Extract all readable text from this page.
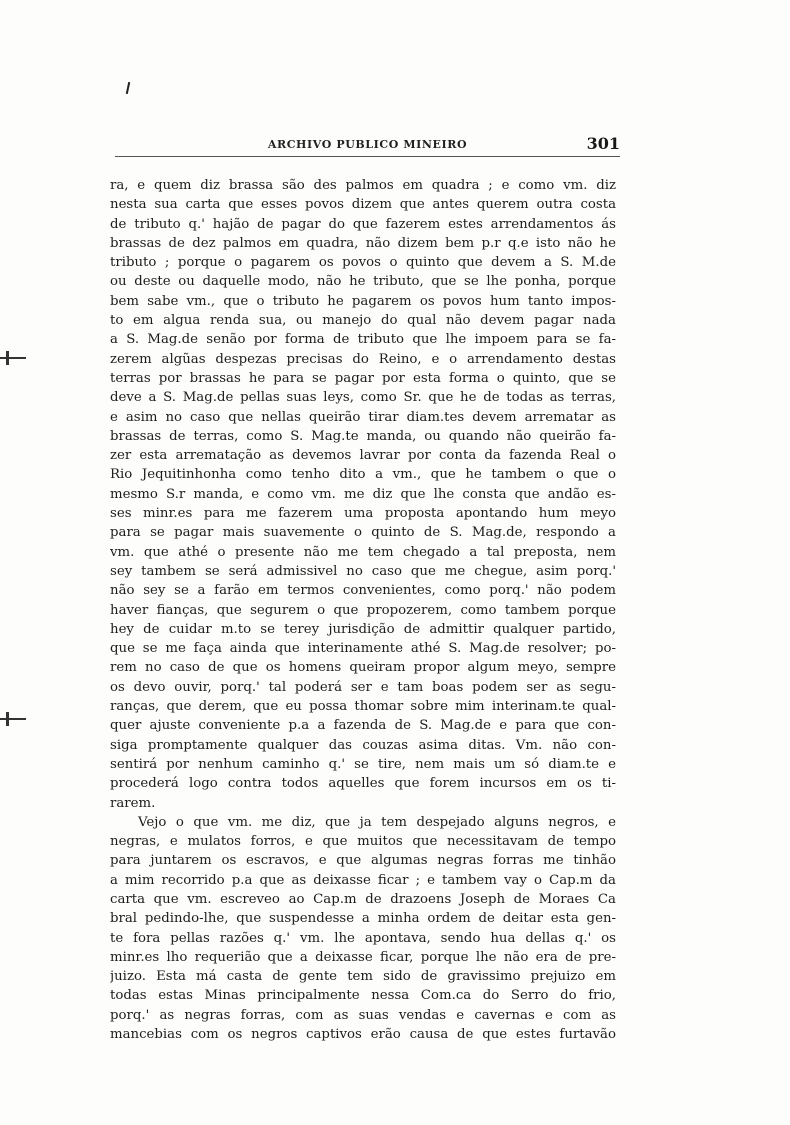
ARCHIVO PUBLICO MINEIRO	301
ra, e quem diz brassa são des palmos em quadra ; e como vm. diz
nesta sua carta que esses povos dizem que antes querem outra costa
de tributo q.' hajão de pagar do que fazerem estes arrendamentos ás
brassas de dez palmos em quadra, não dizem bem p.r q.e isto não he
tributo ; porque o pagarem os povos o quinto que devem a S. M.de
ou deste ou daquelle modo, não he tributo, que se lhe ponha, porque
bem sabe vm., que o tributo he pagarem os povos hum tanto impos-
to em algua renda sua, ou manejo do qual não devem pagar nada
a S. Mag.de senão por forma de tributo que lhe impoem para se fa-
zerem algũas despezas precisas do Reino, e o arrendamento destas
terras por brassas he para se pagar por esta forma o quinto, que se
deve a S. Mag.de pellas suas leys, como Sr. que he de todas as terras,
e asim no caso que nellas queirão tirar diam.tes devem arrematar as
brassas de terras, como S. Mag.te manda, ou quando não queirão fa-
zer esta arrematação as devemos lavrar por conta da fazenda Real o
Rio Jequitinhonha como tenho dito a vm., que he tambem o que o
mesmo S.r manda, e como vm. me diz que lhe consta que andão es-
ses minr.es para me fazerem uma proposta apontando hum meyo
para se pagar mais suavemente o quinto de S. Mag.de, respondo a
vm. que athé o presente não me tem chegado a tal preposta, nem
sey tambem se será admissivel no caso que me chegue, asim porq.'
não sey se a farão em termos convenientes, como porq.' não podem
haver fianças, que segurem o que propozerem, como tambem porque
hey de cuidar m.to se terey jurisdição de admittir qualquer partido,
que se me faça ainda que interinamente athé S. Mag.de resolver; po-
rem no caso de que os homens queiram propor algum meyo, sempre
os devo ouvir, porq.' tal poderá ser e tam boas podem ser as segu-
ranças, que derem, que eu possa thomar sobre mim interinam.te qual-
quer ajuste conveniente p.a a fazenda de S. Mag.de e para que con-
siga promptamente qualquer das couzas asima ditas. Vm. não con-
sentirá por nenhum caminho q.' se tire, nem mais um só diam.te e
procederá logo contra todos aquelles que forem incursos em os ti-
rarem.
Vejo o que vm. me diz, que ja tem despejado alguns negros, e
negras, e mulatos forros, e que muitos que necessitavam de tempo
para juntarem os escravos, e que algumas negras forras me tinhão
a mim recorrido p.a que as deixasse ficar ; e tambem vay o Cap.m da
carta que vm. escreveo ao Cap.m de drazoens Joseph de Moraes Ca
bral pedindo-lhe, que suspendesse a minha ordem de deitar esta gen-
te fora pellas razões q.' vm. lhe apontava, sendo hua dellas q.' os
minr.es lho requerião que a deixasse ficar, porque lhe não era de pre-
juizo. Esta má casta de gente tem sido de gravissimo prejuizo em
todas estas Minas principalmente nessa Com.ca do Serro do frio,
porq.' as negras forras, com as suas vendas e cavernas e com as
mancebias com os negros captivos erão causa de que estes furtavão
